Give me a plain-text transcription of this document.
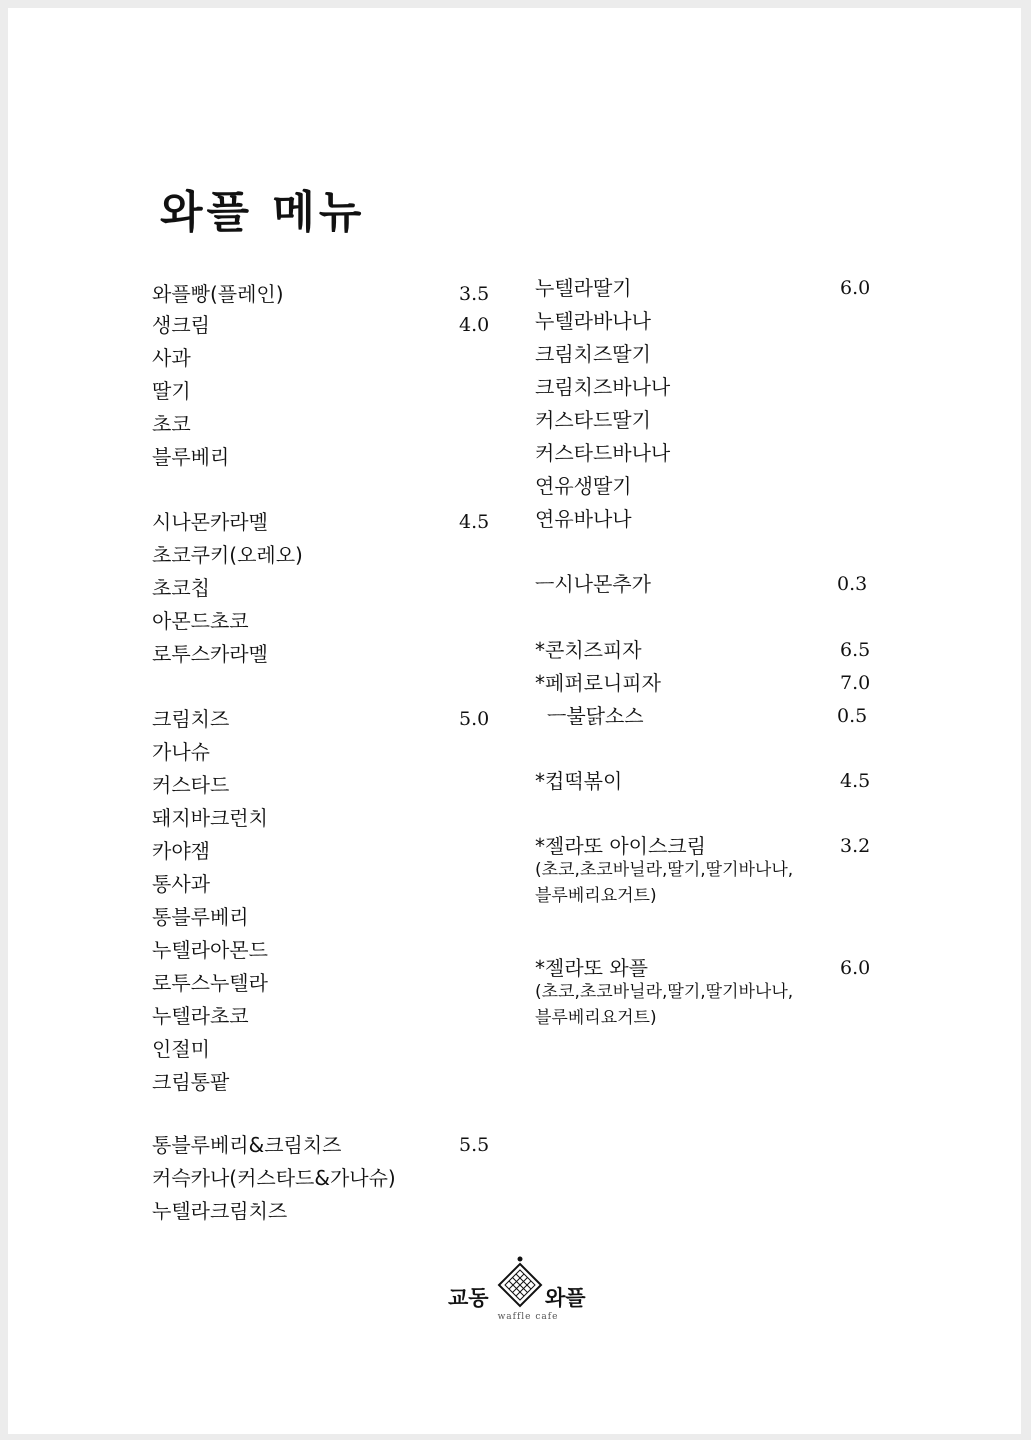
와플 메뉴
와플빵(플레인)	3.5
생크림	4.0
사과
딸기
초코
블루베리
시나몬카라멜	4.5
초코쿠키(오레오)
초코칩
아몬드초코
로투스카라멜
크림치즈	5.0
가나슈
커스타드
돼지바크런치
카야잼
통사과
통블루베리
누텔라아몬드
로투스누텔라
누텔라초코
인절미
크림통팥
통블루베리&크림치즈	5.5
커슥카나(커스타드&가나슈)
누텔라크림치즈
누텔라딸기	6.0
누텔라바나나
크림치즈딸기
크림치즈바나나
커스타드딸기
커스타드바나나
연유생딸기
연유바나나
ㅡ시나몬추가	0.3
*콘치즈피자	6.5
*페퍼로니피자	7.0
ㅡ불닭소스	0.5
*컵떡볶이	4.5
*젤라또 아이스크림	3.2
*젤라또 와플	6.0
(초코,초코바닐라,딸기,딸기바나나,
블루베리요거트)
(초코,초코바닐라,딸기,딸기바나나,
블루베리요거트)
교동	와플
waffle cafe
